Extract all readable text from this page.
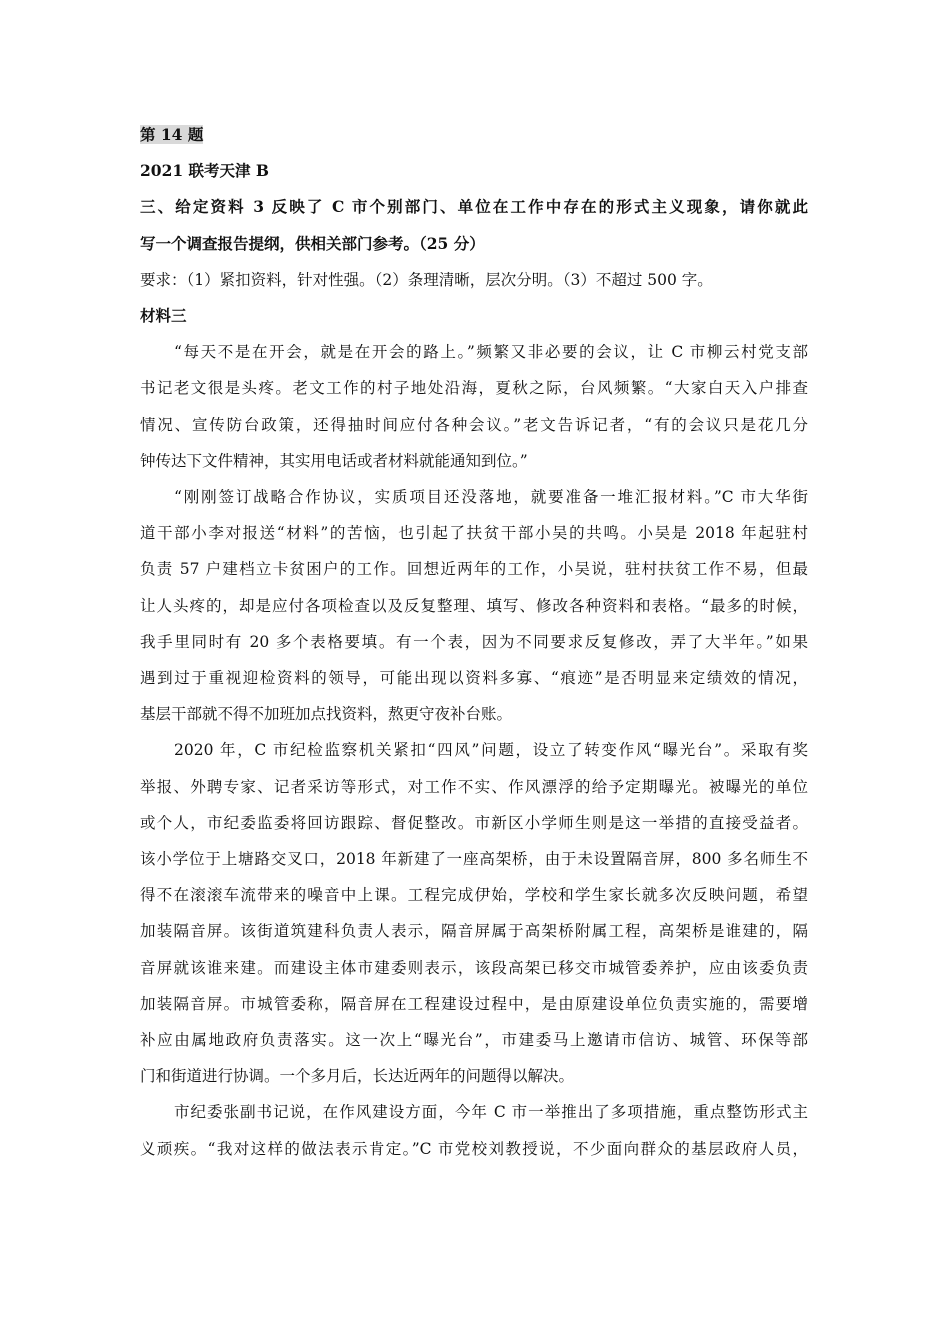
第 14 题
2021 联考天津 B
三、给定资料 3 反映了 C 市个别部门、单位在工作中存在的形式主义现象，请你就此
写一个调查报告提纲，供相关部门参考。（25 分）
要求：（1）紧扣资料，针对性强。（2）条理清晰，层次分明。（3）不超过 500 字。
材料三
“每天不是在开会，就是在开会的路上。”频繁又非必要的会议，让 C 市柳云村党支部
书记老文很是头疼。老文工作的村子地处沿海，夏秋之际，台风频繁。“大家白天入户排查
情况、宣传防台政策，还得抽时间应付各种会议。”老文告诉记者，“有的会议只是花几分
钟传达下文件精神，其实用电话或者材料就能通知到位。”
“刚刚签订战略合作协议，实质项目还没落地，就要准备一堆汇报材料。”C 市大华街
道干部小李对报送“材料”的苦恼，也引起了扶贫干部小吴的共鸣。小吴是 2018 年起驻村
负责 57 户建档立卡贫困户的工作。回想近两年的工作，小吴说，驻村扶贫工作不易，但最
让人头疼的，却是应付各项检查以及反复整理、填写、修改各种资料和表格。“最多的时候，
我手里同时有 20 多个表格要填。有一个表，因为不同要求反复修改，弄了大半年。”如果
遇到过于重视迎检资料的领导，可能出现以资料多寡、“痕迹”是否明显来定绩效的情况，
基层干部就不得不加班加点找资料，熬更守夜补台账。
2020 年，C 市纪检监察机关紧扣“四风”问题，设立了转变作风“曝光台”。采取有奖
举报、外聘专家、记者采访等形式，对工作不实、作风漂浮的给予定期曝光。被曝光的单位
或个人，市纪委监委将回访跟踪、督促整改。市新区小学师生则是这一举措的直接受益者。
该小学位于上塘路交叉口，2018 年新建了一座高架桥，由于未设置隔音屏，800 多名师生不
得不在滚滚车流带来的噪音中上课。工程完成伊始，学校和学生家长就多次反映问题，希望
加装隔音屏。该街道筑建科负责人表示，隔音屏属于高架桥附属工程，高架桥是谁建的，隔
音屏就该谁来建。而建设主体市建委则表示，该段高架已移交市城管委养护，应由该委负责
加装隔音屏。市城管委称，隔音屏在工程建设过程中，是由原建设单位负责实施的，需要增
补应由属地政府负责落实。这一次上“曝光台”，市建委马上邀请市信访、城管、环保等部
门和街道进行协调。一个多月后，长达近两年的问题得以解决。
市纪委张副书记说，在作风建设方面，今年 C 市一举推出了多项措施，重点整饬形式主
义顽疾。“我对这样的做法表示肯定。”C 市党校刘教授说，不少面向群众的基层政府人员，
